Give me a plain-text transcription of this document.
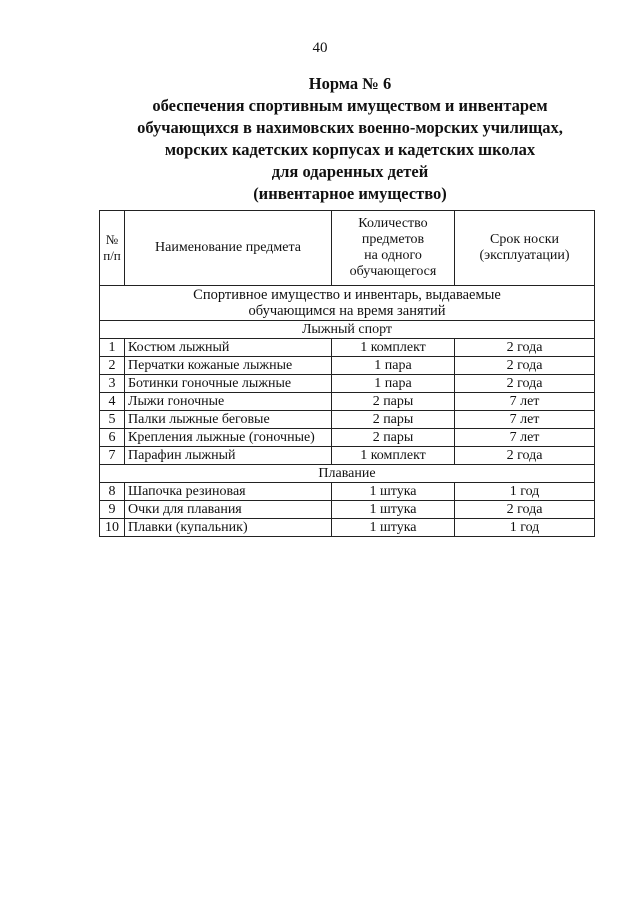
40
Норма № 6
обеспечения спортивным имуществом и инвентарем
обучающихся в нахимовских военно-морских училищах,
морских кадетских корпусах и кадетских школах
для одаренных детей
(инвентарное имущество)
№
п/п	Наименование предмета	Количество
предметов
на одного
обучающегося	Срок носки
(эксплуатации)
Спортивное имущество и инвентарь, выдаваемые
обучающимся на время занятий			
Лыжный спорт			
1	Костюм лыжный	1 комплект	2 года
2	Перчатки кожаные лыжные	1 пара	2 года
3	Ботинки гоночные лыжные	1 пара	2 года
4	Лыжи гоночные	2 пары	7 лет
5	Палки лыжные беговые	2 пары	7 лет
6	Крепления лыжные (гоночные)	2 пары	7 лет
7	Парафин лыжный	1 комплект	2 года
Плавание			
8	Шапочка резиновая	1 штука	1 год
9	Очки для плавания	1 штука	2 года
10	Плавки (купальник)	1 штука	1 год
